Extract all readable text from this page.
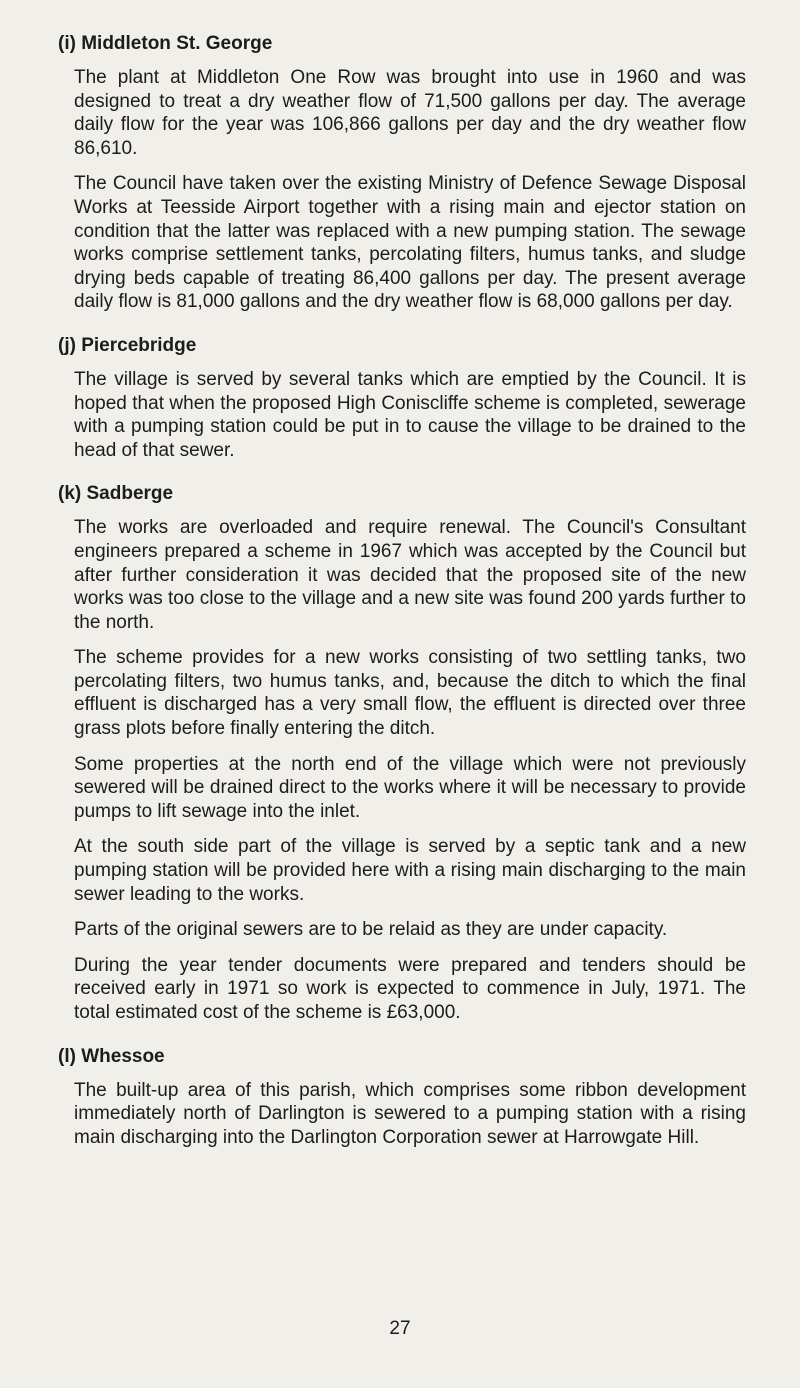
(i) Middleton St. George

The plant at Middleton One Row was brought into use in 1960 and was designed to treat a dry weather flow of 71,500 gallons per day. The average daily flow for the year was 106,866 gallons per day and the dry weather flow 86,610.

The Council have taken over the existing Ministry of Defence Sewage Disposal Works at Teesside Airport together with a rising main and ejector station on condition that the latter was replaced with a new pumping station. The sewage works comprise settlement tanks, percolating filters, humus tanks, and sludge drying beds capable of treating 86,400 gallons per day. The present average daily flow is 81,000 gallons and the dry weather flow is 68,000 gallons per day.

(j) Piercebridge

The village is served by several tanks which are emptied by the Council. It is hoped that when the proposed High Coniscliffe scheme is completed, sewerage with a pumping station could be put in to cause the village to be drained to the head of that sewer.

(k) Sadberge

The works are overloaded and require renewal. The Council's Consultant engineers prepared a scheme in 1967 which was accepted by the Council but after further consideration it was decided that the proposed site of the new works was too close to the village and a new site was found 200 yards further to the north.

The scheme provides for a new works consisting of two settling tanks, two percolating filters, two humus tanks, and, because the ditch to which the final effluent is discharged has a very small flow, the effluent is directed over three grass plots before finally entering the ditch.

Some properties at the north end of the village which were not previously sewered will be drained direct to the works where it will be necessary to provide pumps to lift sewage into the inlet.

At the south side part of the village is served by a septic tank and a new pumping station will be provided here with a rising main discharging to the main sewer leading to the works.

Parts of the original sewers are to be relaid as they are under capacity.

During the year tender documents were prepared and tenders should be received early in 1971 so work is expected to commence in July, 1971. The total estimated cost of the scheme is £63,000.

(l) Whessoe

The built-up area of this parish, which comprises some ribbon development immediately north of Darlington is sewered to a pumping station with a rising main discharging into the Darlington Corporation sewer at Harrowgate Hill.

27
